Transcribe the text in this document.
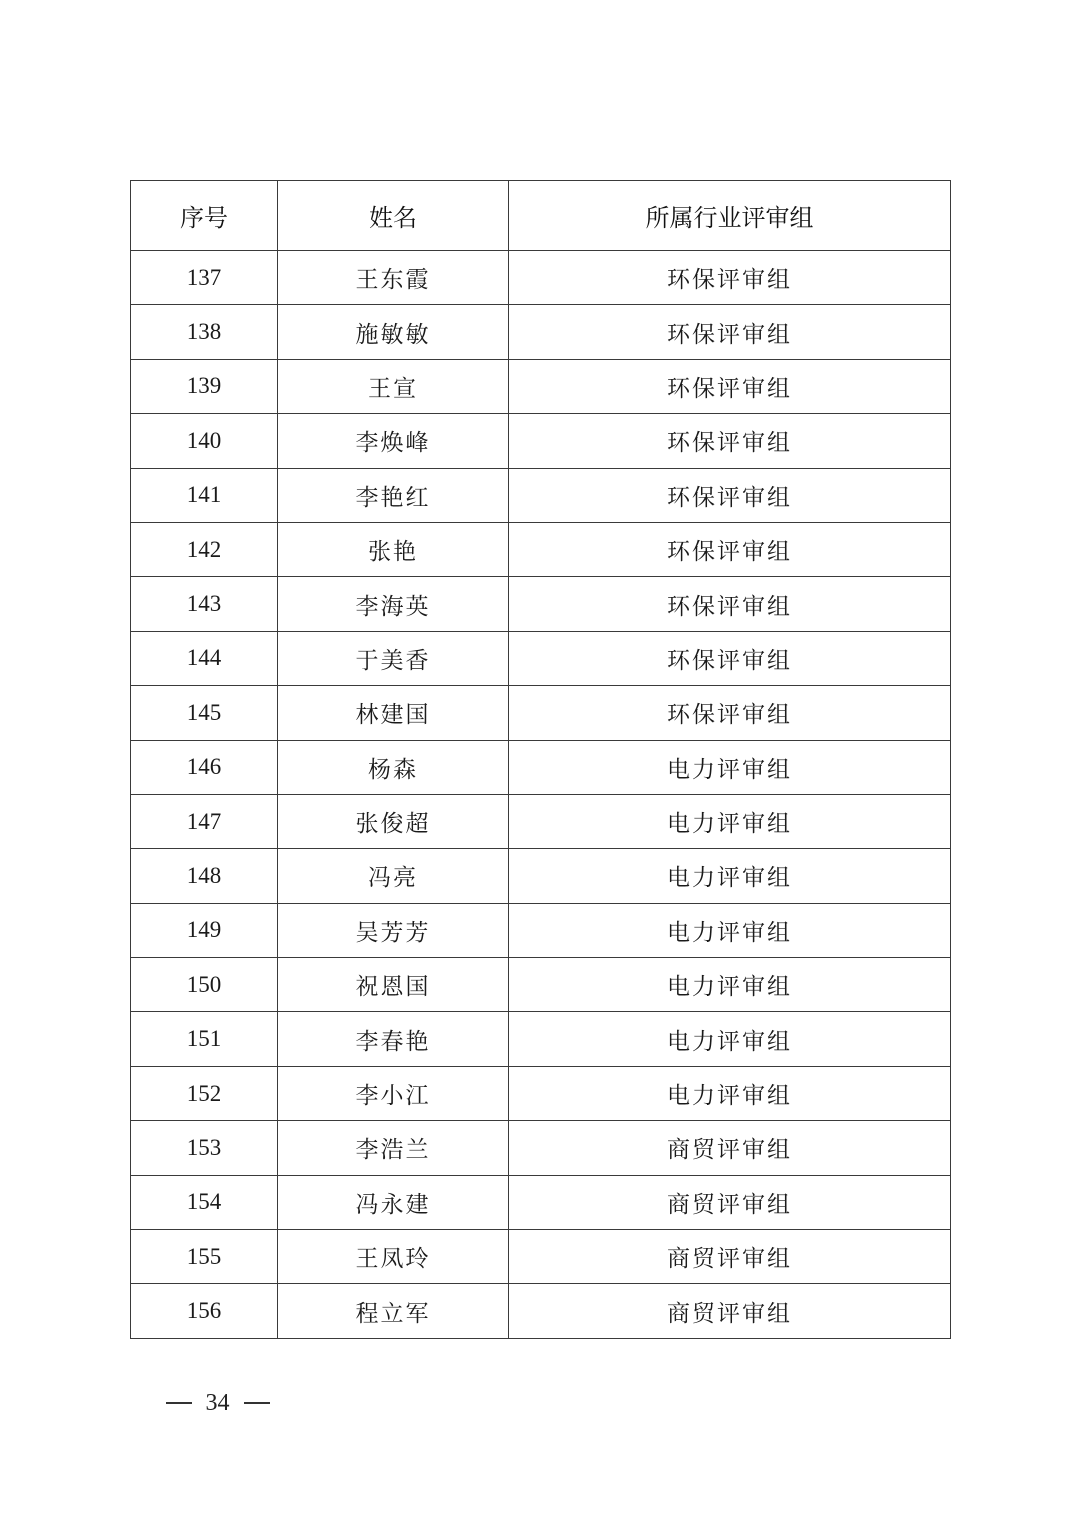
序号	姓名	所属行业评审组
137	王东霞	环保评审组
138	施敏敏	环保评审组
139	王宣	环保评审组
140	李焕峰	环保评审组
141	李艳红	环保评审组
142	张艳	环保评审组
143	李海英	环保评审组
144	于美香	环保评审组
145	林建国	环保评审组
146	杨森	电力评审组
147	张俊超	电力评审组
148	冯亮	电力评审组
149	吴芳芳	电力评审组
150	祝恩国	电力评审组
151	李春艳	电力评审组
152	李小江	电力评审组
153	李浩兰	商贸评审组
154	冯永建	商贸评审组
155	王凤玲	商贸评审组
156	程立军	商贸评审组
34
